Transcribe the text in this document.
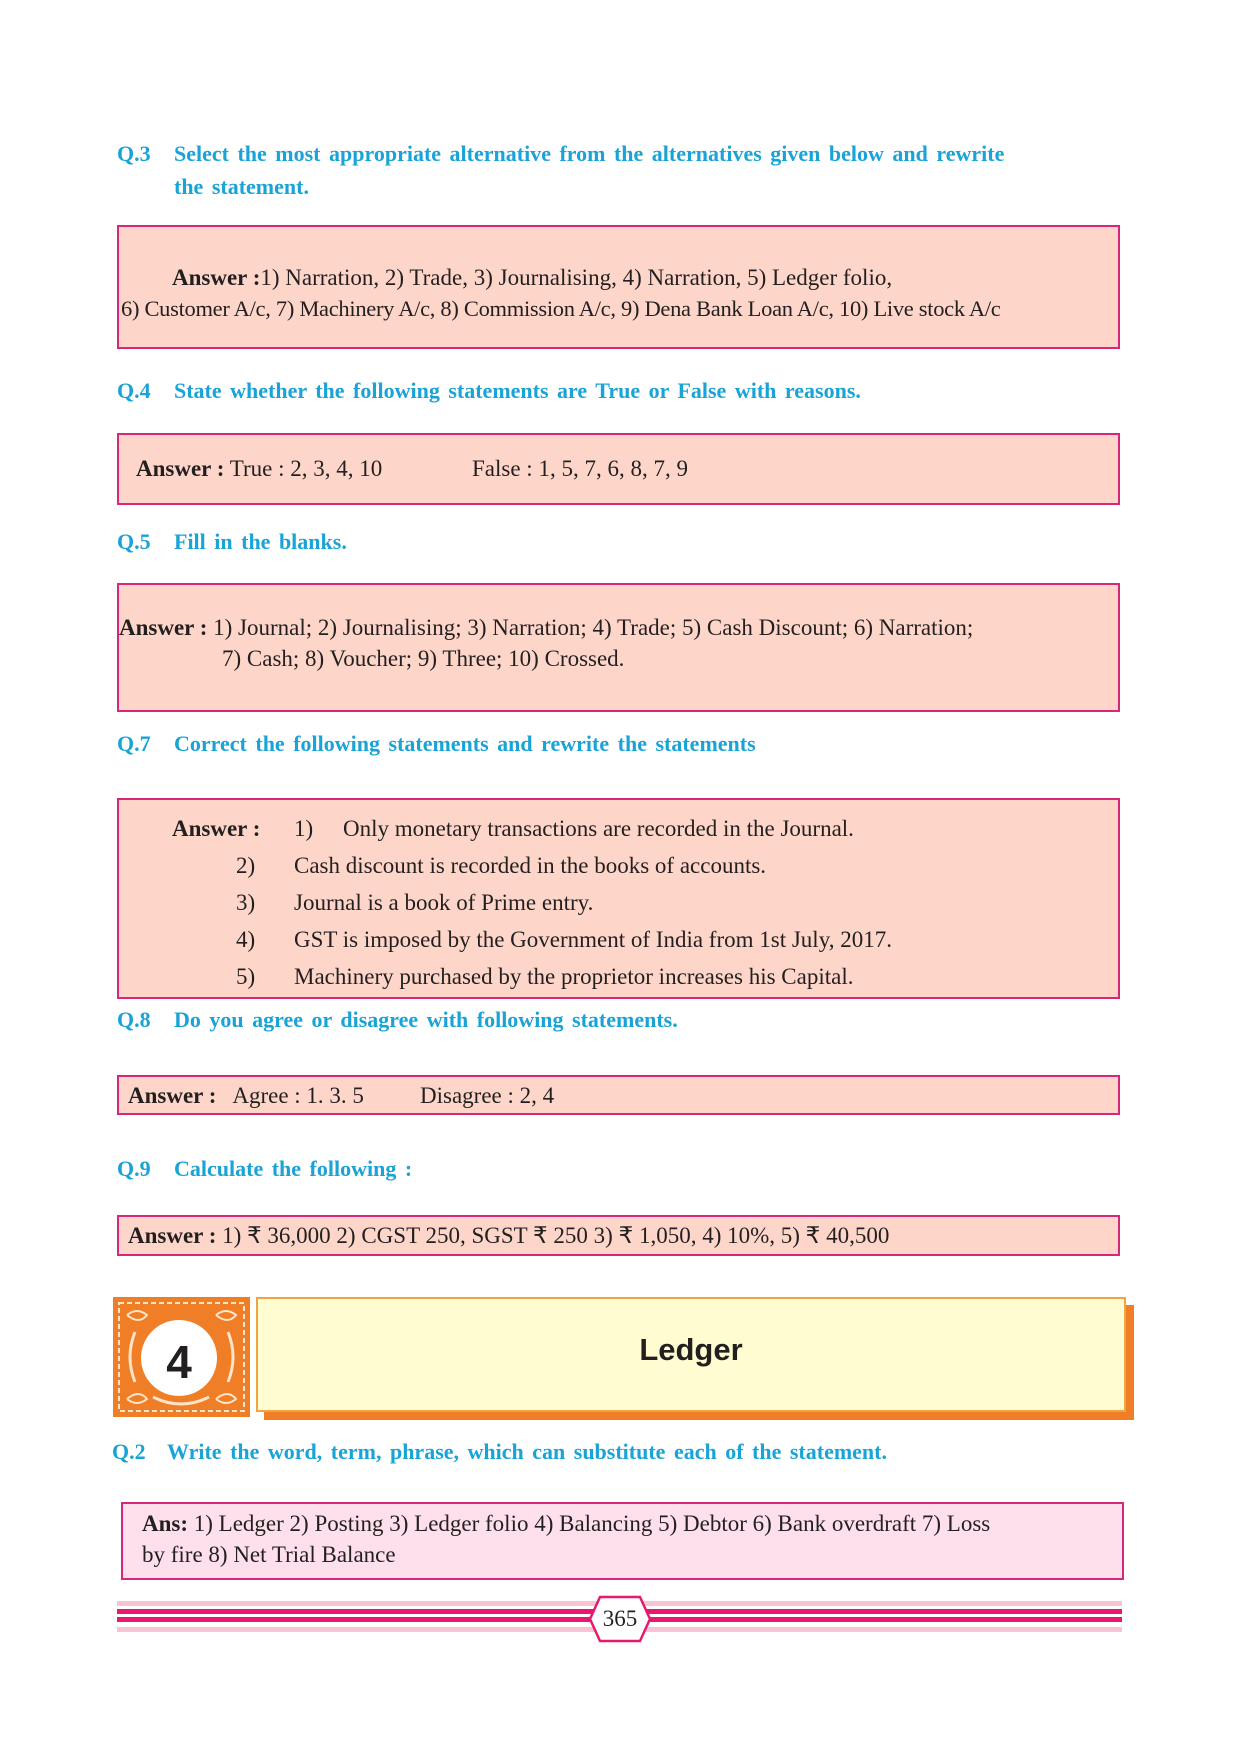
Q.3 Select the most appropriate alternative from the alternatives given below and rewrite
the statement.
Answer :1) Narration, 2) Trade, 3) Journalising, 4) Narration, 5) Ledger folio,
6) Customer A/c, 7) Machinery A/c, 8) Commission A/c, 9) Dena Bank Loan A/c, 10) Live stock A/c
Q.4 State whether the following statements are True or False with reasons.
Answer : True : 2, 3, 4, 10	False : 1, 5, 7, 6, 8, 7, 9
Q.5 Fill in the blanks.
Answer : 1) Journal; 2) Journalising; 3) Narration; 4) Trade; 5) Cash Discount; 6) Narration;
7) Cash; 8) Voucher; 9) Three; 10) Crossed.
Q.7 Correct the following statements and rewrite the statements
Answer : 1) Only monetary transactions are recorded in the Journal.
2) Cash discount is recorded in the books of accounts.
3) Journal is a book of Prime entry.
4) GST is imposed by the Government of India from 1st July, 2017.
5) Machinery purchased by the proprietor increases his Capital.
Q.8 Do you agree or disagree with following statements.
Answer : Agree : 1. 3. 5 Disagree : 2, 4
Q.9 Calculate the following :
Answer : 1) ₹ 36,000 2) CGST 250, SGST ₹ 250 3) ₹ 1,050, 4) 10%, 5) ₹ 40,500
4	Ledger
Q.2 Write the word, term, phrase, which can substitute each of the statement.
Ans: 1) Ledger 2) Posting 3) Ledger folio 4) Balancing 5) Debtor 6) Bank overdraft 7) Loss
by fire 8) Net Trial Balance
365
